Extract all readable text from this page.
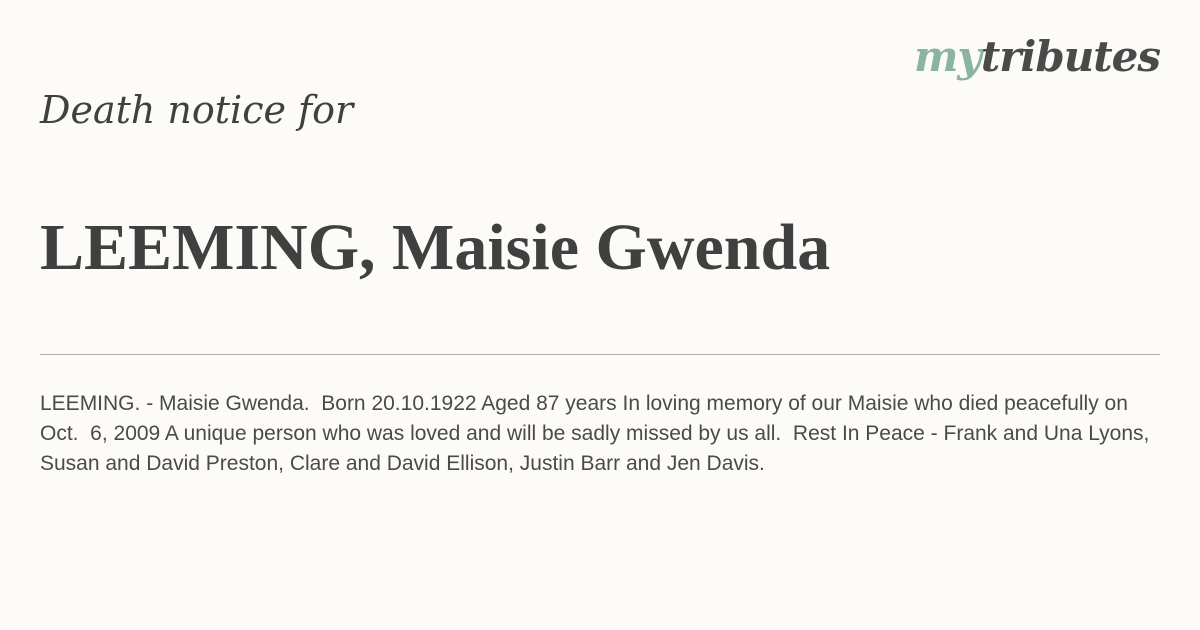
mytributes
Death notice for
LEEMING, Maisie Gwenda

LEEMING. - Maisie Gwenda.  Born 20.10.1922 Aged 87 years In loving memory of our Maisie who died peacefully on Oct.  6, 2009 A unique person who was loved and will be sadly missed by us all.  Rest In Peace - Frank and Una Lyons, Susan and David Preston, Clare and David Ellison, Justin Barr and Jen Davis.
